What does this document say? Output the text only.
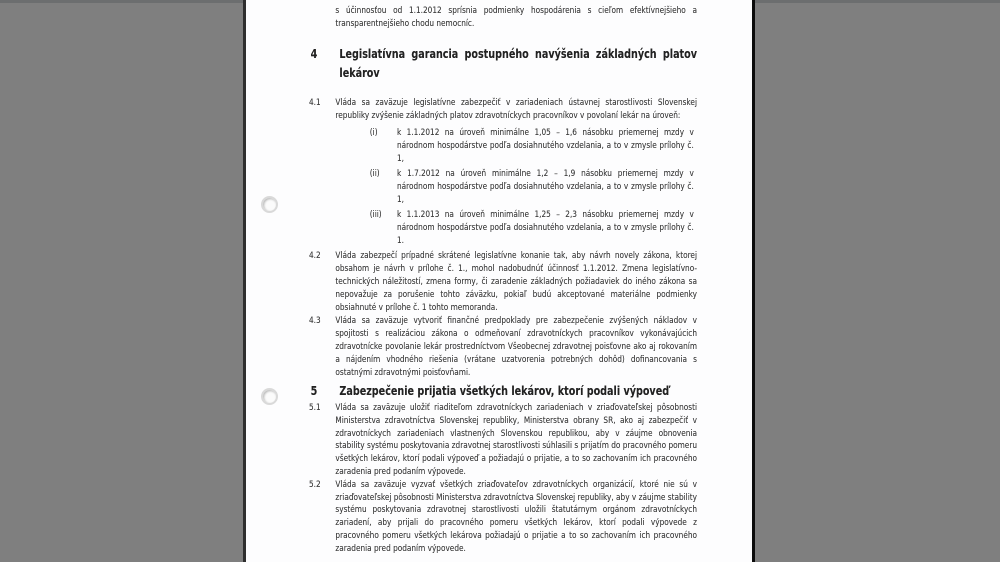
s účinnosťou od 1.1.2012 sprísnia podmienky hospodárenia s cieľom efektívnejšieho a transparentnejšieho chodu nemocníc.
4	Legislatívna garancia postupného navýšenia základných platov lekárov
4.1	Vláda sa zaväzuje legislatívne zabezpečiť v zariadeniach ústavnej starostlivosti Slovenskej republiky zvýšenie základných platov zdravotníckych pracovníkov v povolaní lekár na úroveň:
(i)	k 1.1.2012 na úroveň minimálne 1,05 – 1,6 násobku priemernej mzdy v národnom hospodárstve podľa dosiahnutého vzdelania, a to v zmysle prílohy č. 1,
(ii)	k 1.7.2012 na úroveň minimálne 1,2 – 1,9 násobku priemernej mzdy v národnom hospodárstve podľa dosiahnutého vzdelania, a to v zmysle prílohy č. 1,
(iii)	k 1.1.2013 na úroveň minimálne 1,25 – 2,3 násobku priemernej mzdy v národnom hospodárstve podľa dosiahnutého vzdelania, a to v zmysle prílohy č. 1.
4.2	Vláda zabezpečí prípadné skrátené legislatívne konanie tak, aby návrh novely zákona, ktorej obsahom je návrh v prílohe č. 1., mohol nadobudnúť účinnosť 1.1.2012. Zmena legislatívno-technických náležitostí, zmena formy, či zaradenie základných požiadaviek do iného zákona sa nepovažuje za porušenie tohto záväzku, pokiaľ budú akceptované materiálne podmienky obsiahnuté v prílohe č. 1 tohto memoranda.
4.3	Vláda sa zaväzuje vytvoriť finančné predpoklady pre zabezpečenie zvýšených nákladov v spojitosti s realizáciou zákona o odmeňovaní zdravotníckych pracovníkov vykonávajúcich zdravotnícke povolanie lekár prostredníctvom Všeobecnej zdravotnej poisťovne ako aj rokovaním a nájdením vhodného riešenia (vrátane uzatvorenia potrebných dohôd) dofinancovania s ostatnými zdravotnými poisťovňami.
5	Zabezpečenie prijatia všetkých lekárov, ktorí podali výpoveď
5.1	Vláda sa zaväzuje uložiť riaditeľom zdravotníckych zariadeniach v zriaďovateľskej pôsobnosti Ministerstva zdravotníctva Slovenskej republiky, Ministerstva obrany SR, ako aj zabezpečiť v zdravotníckych zariadeniach vlastnených Slovenskou republikou, aby v záujme obnovenia stability systému poskytovania zdravotnej starostlivosti súhlasili s prijatím do pracovného pomeru všetkých lekárov, ktorí podali výpoveď a požiadajú o prijatie, a to so zachovaním ich pracovného zaradenia pred podaním výpovede.
5.2	Vláda sa zaväzuje vyzvať všetkých zriaďovateľov zdravotníckych organizácií, ktoré nie sú v zriaďovateľskej pôsobnosti Ministerstva zdravotníctva Slovenskej republiky, aby v záujme stability systému poskytovania zdravotnej starostlivosti uložili štatutárnym orgánom zdravotníckych zariadení, aby prijali do pracovného pomeru všetkých lekárov, ktorí podali výpovede z pracovného pomeru všetkých lekárova požiadajú o prijatie a to so zachovaním ich pracovného zaradenia pred podaním výpovede.
